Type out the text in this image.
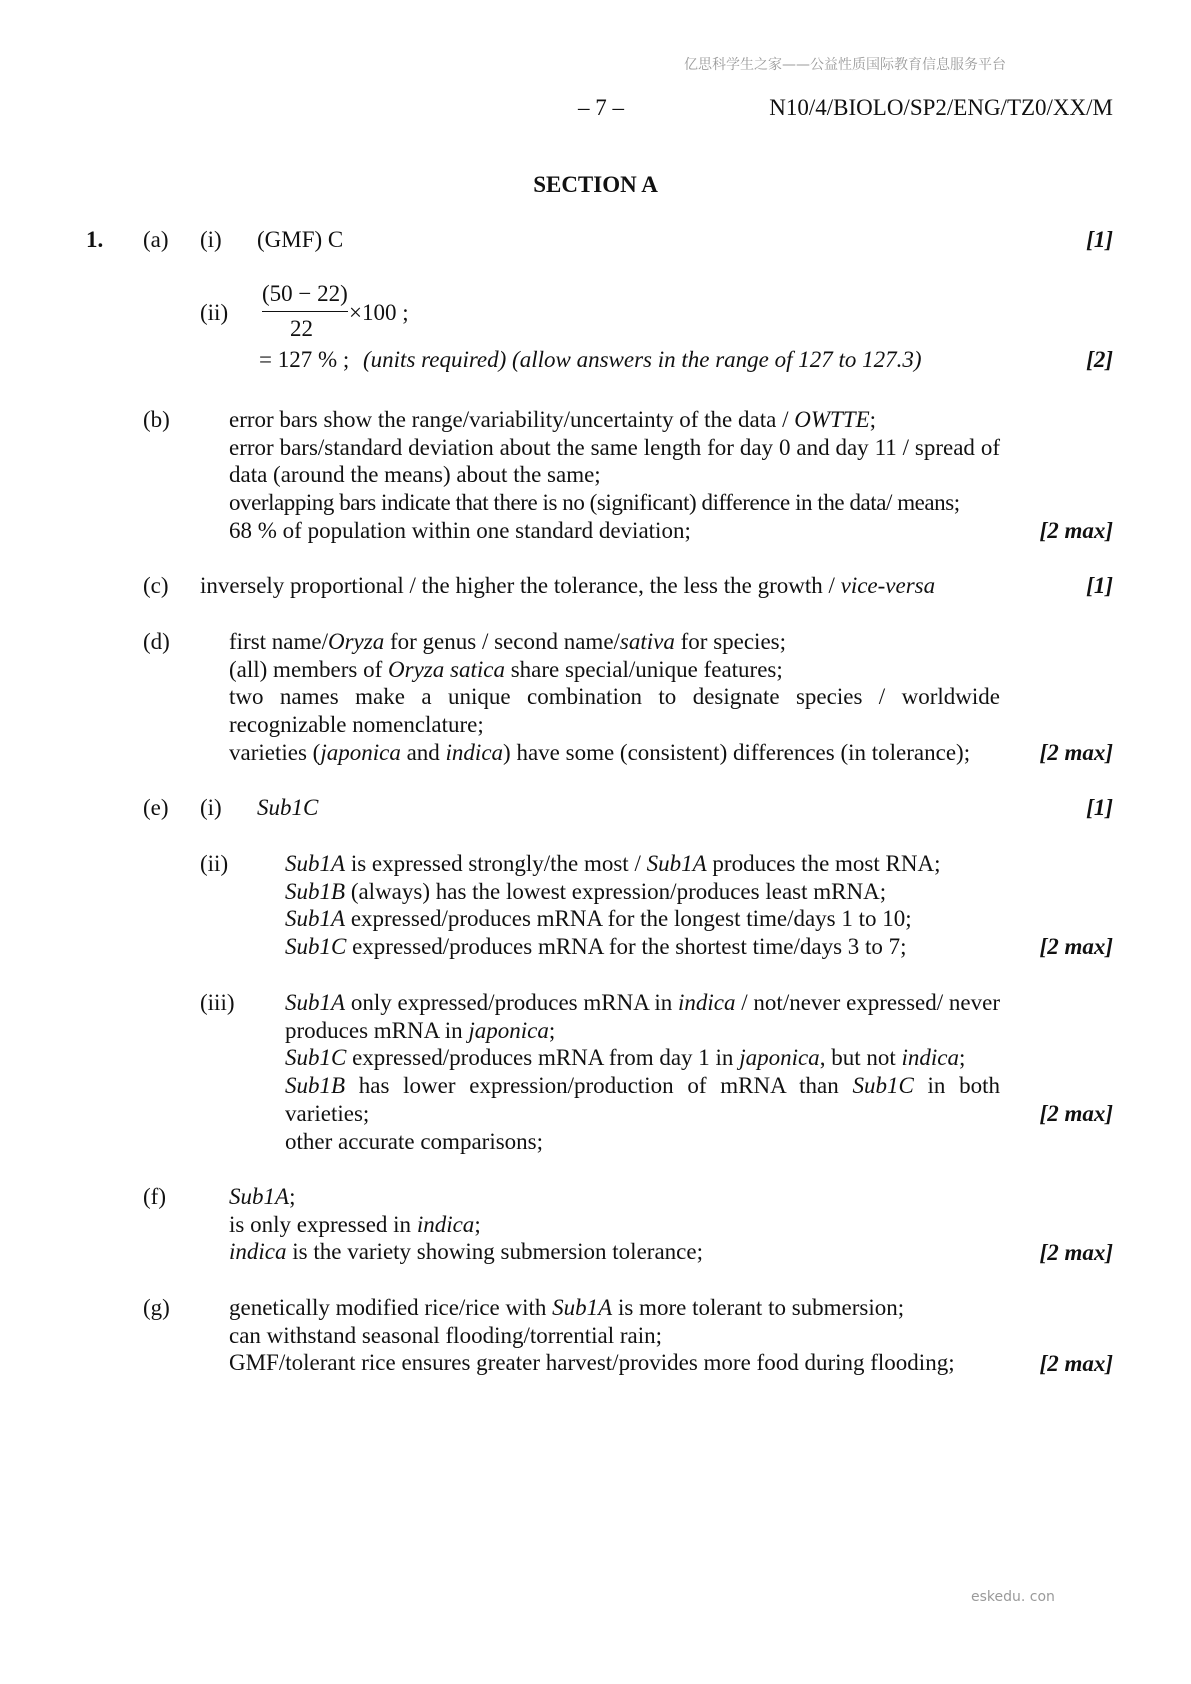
亿思科学生之家——公益性质国际教育信息服务平台
– 7 –	N10/4/BIOLO/SP2/ENG/TZ0/XX/M
SECTION A
1. (a) (i) (GMF) C	[1]
(ii)
(50 − 22)
22
×100 ;
= 127 % ; (units required) (allow answers in the range of 127 to 127.3)	[2]
(b)	error bars show the range/variability/uncertainty of the data / OWTTE;

error bars/standard deviation about the same length for day 0 and day 11 / spread of data (around the means) about the same;

overlapping bars indicate that there is no (significant) difference in the data/ means;

68 % of population within one standard deviation;	[2 max]
(c) inversely proportional / the higher the tolerance, the less the growth / vice-versa	[1]
(d)	first name/Oryza for genus / second name/sativa for species;

(all) members of Oryza satica share special/unique features;

two names make a unique combination to designate species / worldwide recognizable nomenclature;

varieties (japonica and indica) have some (consistent) differences (in tolerance);	[2 max]
(e) (i) Sub1C	[1]
(ii) Sub1A is expressed strongly/the most / Sub1A produces the most RNA;

Sub1B (always) has the lowest expression/produces least mRNA;

Sub1A expressed/produces mRNA for the longest time/days 1 to 10;

Sub1C expressed/produces mRNA for the shortest time/days 3 to 7;	[2 max]
(iii) Sub1A only expressed/produces mRNA in indica / not/never expressed/ never produces mRNA in japonica;

Sub1C expressed/produces mRNA from day 1 in japonica, but not indica;

Sub1B has lower expression/production of mRNA than Sub1C in both varieties;

other accurate comparisons;

[2 max]
(f)	Sub1A;

is only expressed in indica;

indica is the variety showing submersion tolerance;	[2 max]
(g)	genetically modified rice/rice with Sub1A is more tolerant to submersion;

can withstand seasonal flooding/torrential rain;

GMF/tolerant rice ensures greater harvest/provides more food during flooding;	[2 max]
eskedu. con
